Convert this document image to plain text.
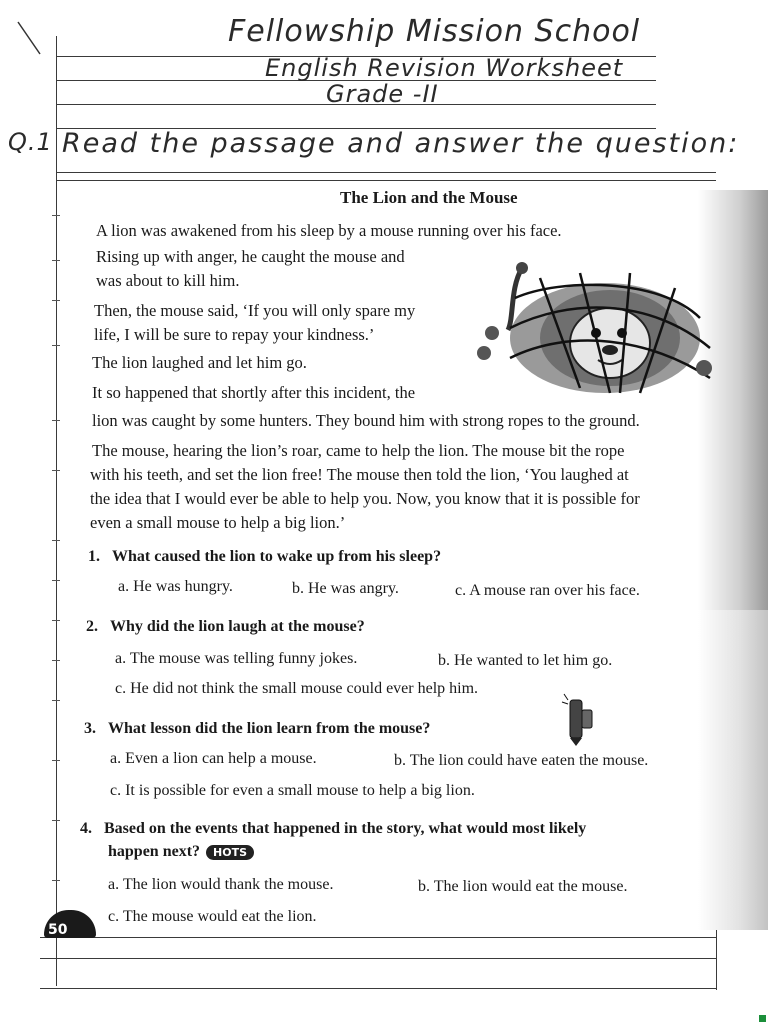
Fellowship Mission School
English Revision Worksheet
Grade -II
Q.1 Read the passage and answer the question:
The Lion and the Mouse
A lion was awakened from his sleep by a mouse running over his face.
Rising up with anger, he caught the mouse and
was about to kill him.
Then, the mouse said, ‘If you will only spare my
life, I will be sure to repay your kindness.’
The lion laughed and let him go.
It so happened that shortly after this incident, the
lion was caught by some hunters. They bound him with strong ropes to the ground.
The mouse, hearing the lion’s roar, came to help the lion. The mouse bit the rope
with his teeth, and set the lion free! The mouse then told the lion, ‘You laughed at
the idea that I would ever be able to help you. Now, you know that it is possible for
even a small mouse to help a big lion.’
1. What caused the lion to wake up from his sleep?
a. He was hungry.	b. He was angry.	c. A mouse ran over his face.
2. Why did the lion laugh at the mouse?
a. The mouse was telling funny jokes.	b. He wanted to let him go.
c. He did not think the small mouse could ever help him.
3. What lesson did the lion learn from the mouse?
a. Even a lion can help a mouse.	b. The lion could have eaten the mouse.
c. It is possible for even a small mouse to help a big lion.
4. Based on the events that happened in the story, what would most likely
happen next? HOTS
a. The lion would thank the mouse.	b. The lion would eat the mouse.
c. The mouse would eat the lion.
50
